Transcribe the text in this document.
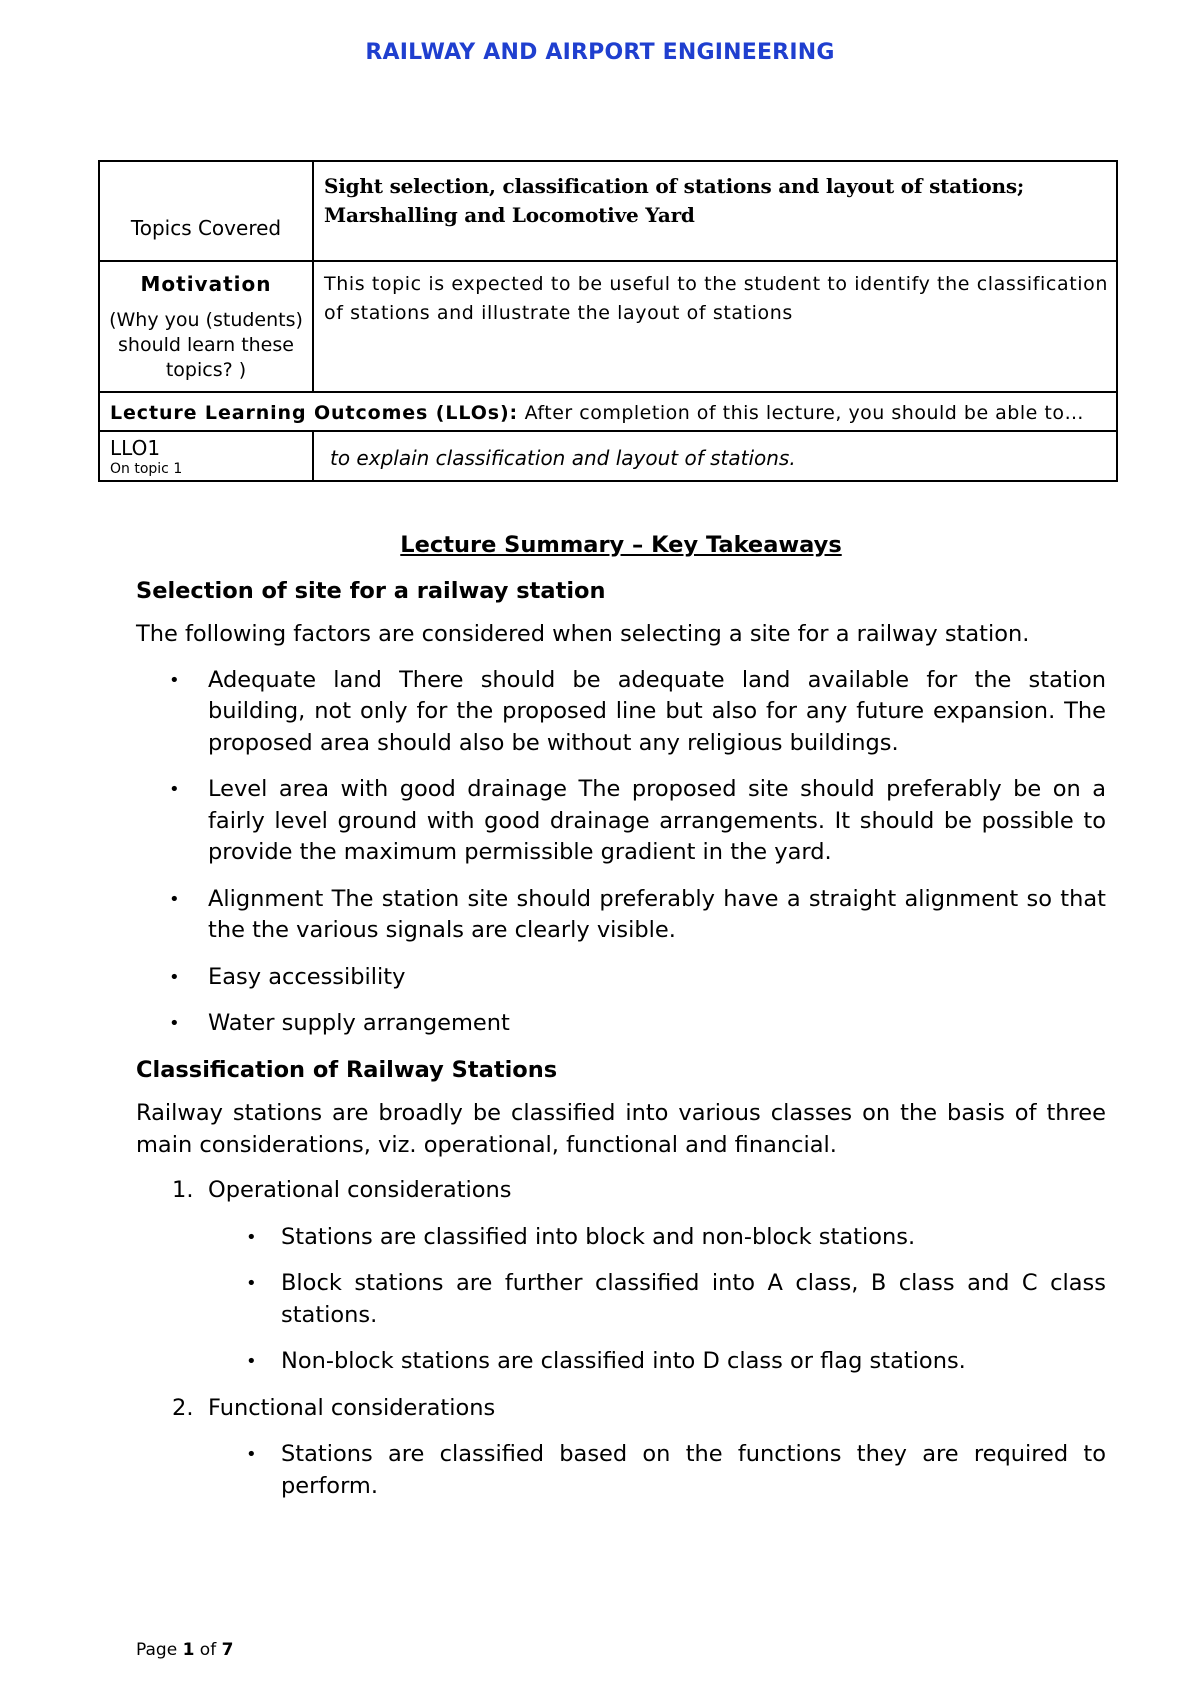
RAILWAY AND AIRPORT ENGINEERING
Topics Covered	Sight selection, classification of stations and layout of stations; Marshalling and Locomotive Yard

Motivation
(Why you (students) should learn these topics? )	This topic is expected to be useful to the student to identify the classification of stations and illustrate the layout of stations
Lecture Learning Outcomes (LLOs): After completion of this lecture, you should be able to…	

LLO1
On topic 1	to explain classification and layout of stations.
Lecture Summary – Key Takeaways
Selection of site for a railway station
The following factors are considered when selecting a site for a railway station.
• Adequate land There should be adequate land available for the station building, not only for the proposed line but also for any future expansion. The proposed area should also be without any religious buildings.
• Level area with good drainage The proposed site should preferably be on a fairly level ground with good drainage arrangements. It should be possible to provide the maximum permissible gradient in the yard.
• Alignment The station site should preferably have a straight alignment so that the the various signals are clearly visible.
• Easy accessibility
• Water supply arrangement
Classification of Railway Stations
Railway stations are broadly be classified into various classes on the basis of three main considerations, viz. operational, functional and financial.
1. Operational considerations
• Stations are classified into block and non-block stations.
• Block stations are further classified into A class, B class and C class stations.
• Non-block stations are classified into D class or flag stations.
2. Functional considerations
• Stations are classified based on the functions they are required to perform.
Page 1 of 7
